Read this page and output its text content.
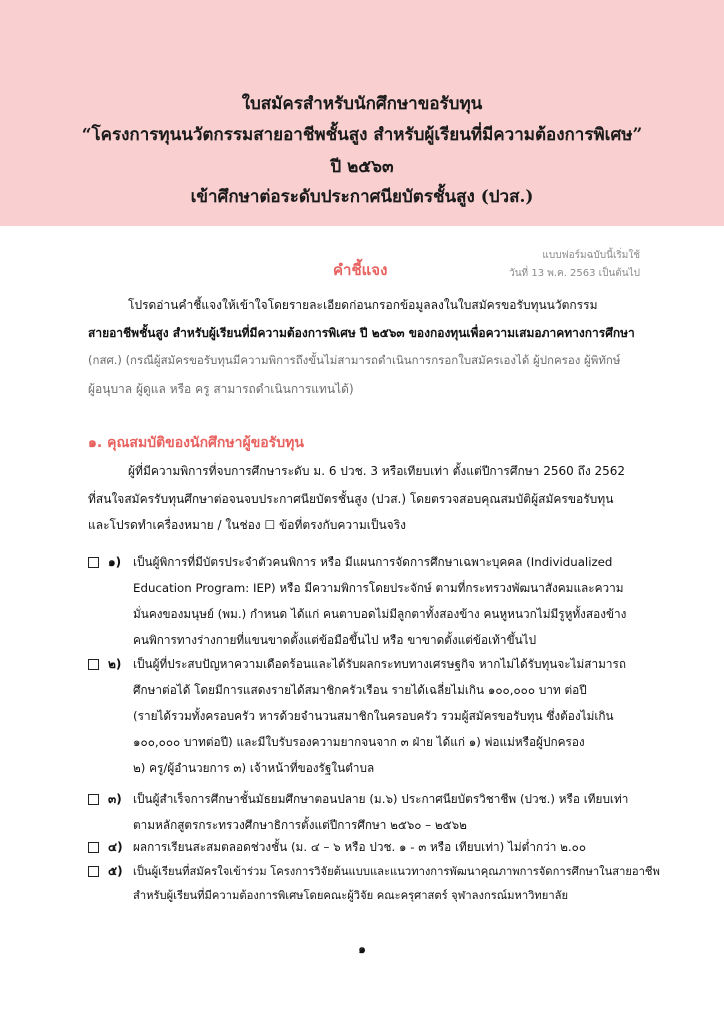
ใบสมัครสำหรับนักศึกษาขอรับทุน
“โครงการทุนนวัตกรรมสายอาชีพชั้นสูง สำหรับผู้เรียนที่มีความต้องการพิเศษ”
ปี ๒๕๖๓
เข้าศึกษาต่อระดับประกาศนียบัตรชั้นสูง (ปวส.)
คำชี้แจง
แบบฟอร์มฉบับนี้เริ่มใช้
วันที่ 13 พ.ค. 2563 เป็นต้นไป
โปรดอ่านคำชี้แจงให้เข้าใจโดยรายละเอียดก่อนกรอกข้อมูลลงในใบสมัครขอรับทุนนวัตกรรม
สายอาชีพชั้นสูง สำหรับผู้เรียนที่มีความต้องการพิเศษ ปี ๒๕๖๓ ของกองทุนเพื่อความเสมอภาคทางการศึกษา
(กสศ.) (กรณีผู้สมัครขอรับทุนมีความพิการถึงขั้นไม่สามารถดำเนินการกรอกใบสมัครเองได้ ผู้ปกครอง ผู้พิทักษ์
ผู้อนุบาล ผู้ดูแล หรือ ครู สามารถดำเนินการแทนได้)
๑. คุณสมบัติของนักศึกษาผู้ขอรับทุน
ผู้ที่มีความพิการที่จบการศึกษาระดับ ม. 6 ปวช. 3 หรือเทียบเท่า ตั้งแต่ปีการศึกษา 2560 ถึง 2562
ที่สนใจสมัครรับทุนศึกษาต่อจนจบประกาศนียบัตรชั้นสูง (ปวส.) โดยตรวจสอบคุณสมบัติผู้สมัครขอรับทุน
และโปรดทำเครื่องหมาย / ในช่อง ☐ ข้อที่ตรงกับความเป็นจริง
๑) เป็นผู้พิการที่มีบัตรประจำตัวคนพิการ หรือ มีแผนการจัดการศึกษาเฉพาะบุคคล (Individualized
Education Program: IEP) หรือ มีความพิการโดยประจักษ์ ตามที่กระทรวงพัฒนาสังคมและความ
มั่นคงของมนุษย์ (พม.) กำหนด ได้แก่ คนตาบอดไม่มีลูกตาทั้งสองข้าง คนหูหนวกไม่มีรูหูทั้งสองข้าง
คนพิการทางร่างกายที่แขนขาดตั้งแต่ข้อมือขึ้นไป หรือ ขาขาดตั้งแต่ข้อเท้าขึ้นไป
๒) เป็นผู้ที่ประสบปัญหาความเดือดร้อนและได้รับผลกระทบทางเศรษฐกิจ หากไม่ได้รับทุนจะไม่สามารถ
ศึกษาต่อได้ โดยมีการแสดงรายได้สมาชิกครัวเรือน รายได้เฉลี่ยไม่เกิน ๑๐๐,๐๐๐ บาท ต่อปี
(รายได้รวมทั้งครอบครัว หารด้วยจำนวนสมาชิกในครอบครัว รวมผู้สมัครขอรับทุน ซึ่งต้องไม่เกิน
๑๐๐,๐๐๐ บาทต่อปี) และมีใบรับรองความยากจนจาก ๓ ฝ่าย ได้แก่ ๑) พ่อแม่หรือผู้ปกครอง
๒) ครู/ผู้อำนวยการ ๓) เจ้าหน้าที่ของรัฐในตำบล
๓) เป็นผู้สำเร็จการศึกษาชั้นมัธยมศึกษาตอนปลาย (ม.๖) ประกาศนียบัตรวิชาชีพ (ปวช.) หรือ เทียบเท่า
ตามหลักสูตรกระทรวงศึกษาธิการตั้งแต่ปีการศึกษา ๒๕๖๐ – ๒๕๖๒
๔) ผลการเรียนสะสมตลอดช่วงชั้น (ม. ๔ – ๖ หรือ ปวช. ๑ - ๓ หรือ เทียบเท่า) ไม่ต่ำกว่า ๒.๐๐
๕) เป็นผู้เรียนที่สมัครใจเข้าร่วม โครงการวิจัยต้นแบบและแนวทางการพัฒนาคุณภาพการจัดการศึกษาในสายอาชีพ
สำหรับผู้เรียนที่มีความต้องการพิเศษโดยคณะผู้วิจัย คณะครุศาสตร์ จุฬาลงกรณ์มหาวิทยาลัย
๑
